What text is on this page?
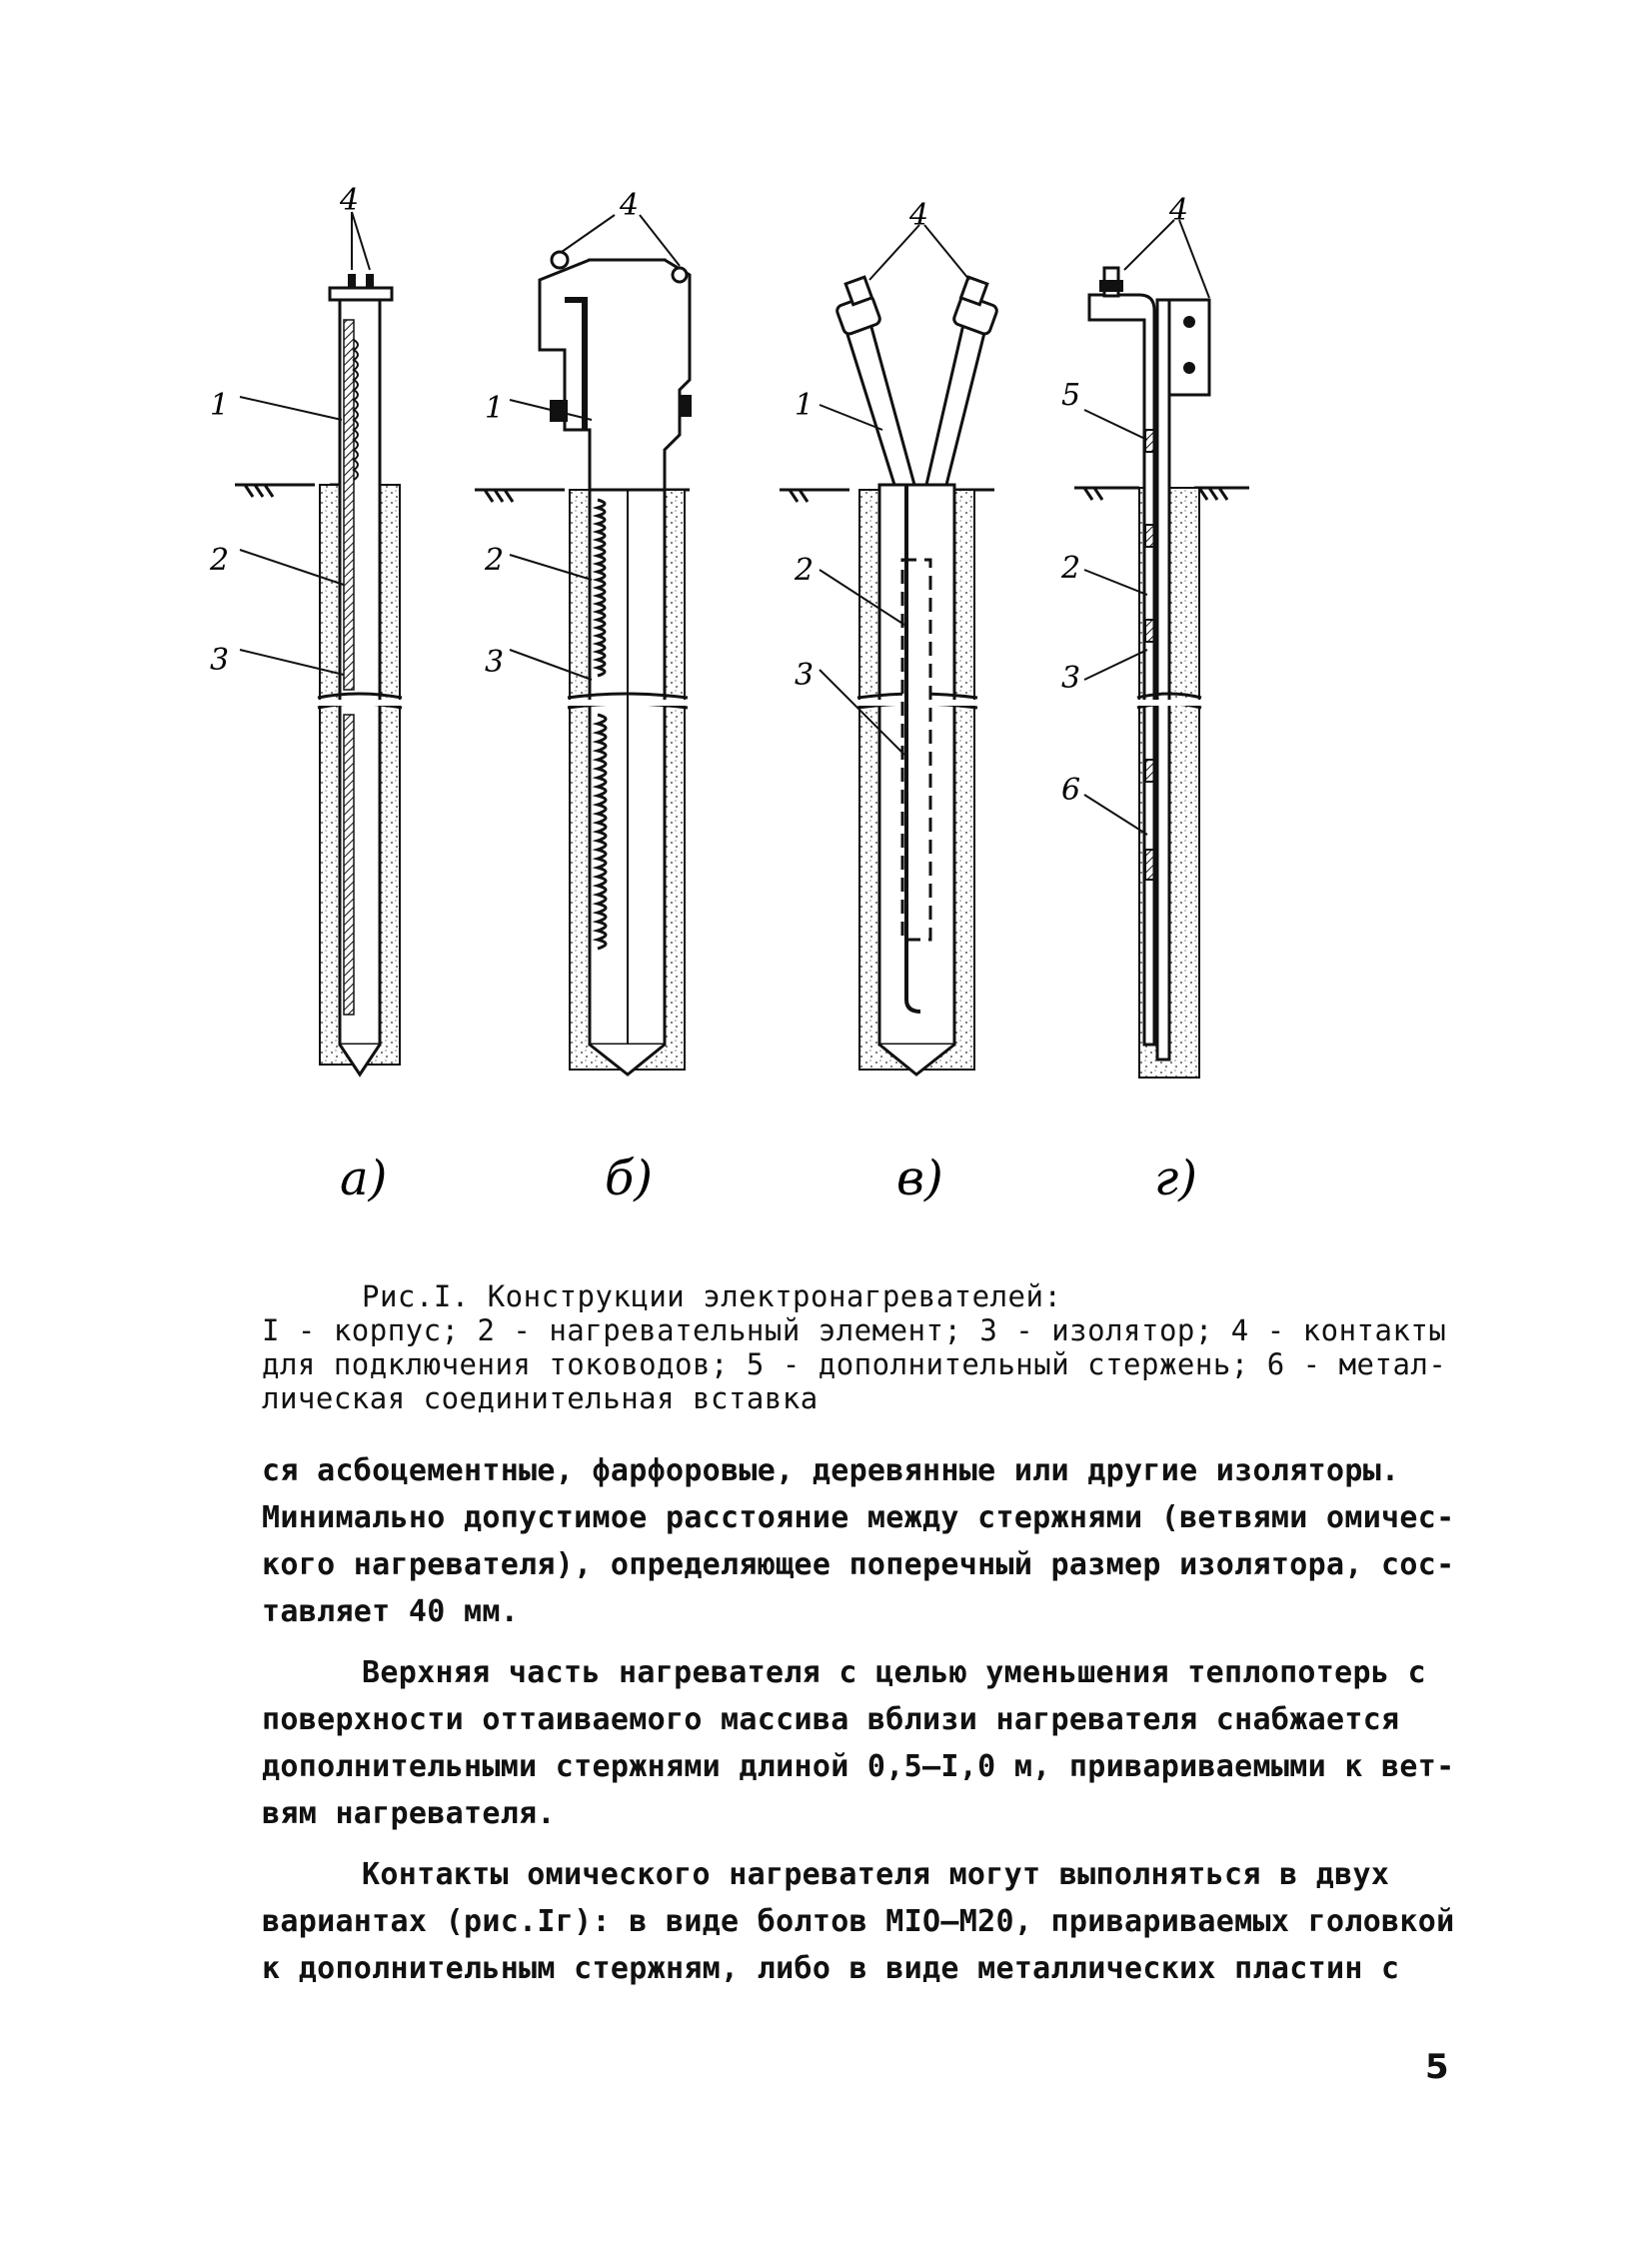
4
1
2
3
а)
4
1
2
3
б)
4
1
2
3
в)
4
5
2
3
6
г)
Рис.I. Конструкции электронагревателей:
I - корпус; 2 - нагревательный элемент; 3 - изолятор; 4 - контакты
для подключения тоководов; 5 - дополнительный стержень; 6 - метал-
лическая соединительная вставка

ся асбоцементные, фарфоровые, деревянные или другие изоляторы.
Минимально допустимое расстояние между стержнями (ветвями омичес-
кого нагревателя), определяющее поперечный размер изолятора, сос-
тавляет 40 мм.

Верхняя часть нагревателя с целью уменьшения теплопотерь с
поверхности оттаиваемого массива вблизи нагревателя снабжается
дополнительными стержнями длиной 0,5–I,0 м, привариваемыми к вет-
вям нагревателя.

Контакты омического нагревателя могут выполняться в двух
вариантах (рис.Iг): в виде болтов MIO–M20, привариваемых головкой
к дополнительным стержням, либо в виде металлических пластин с

5
